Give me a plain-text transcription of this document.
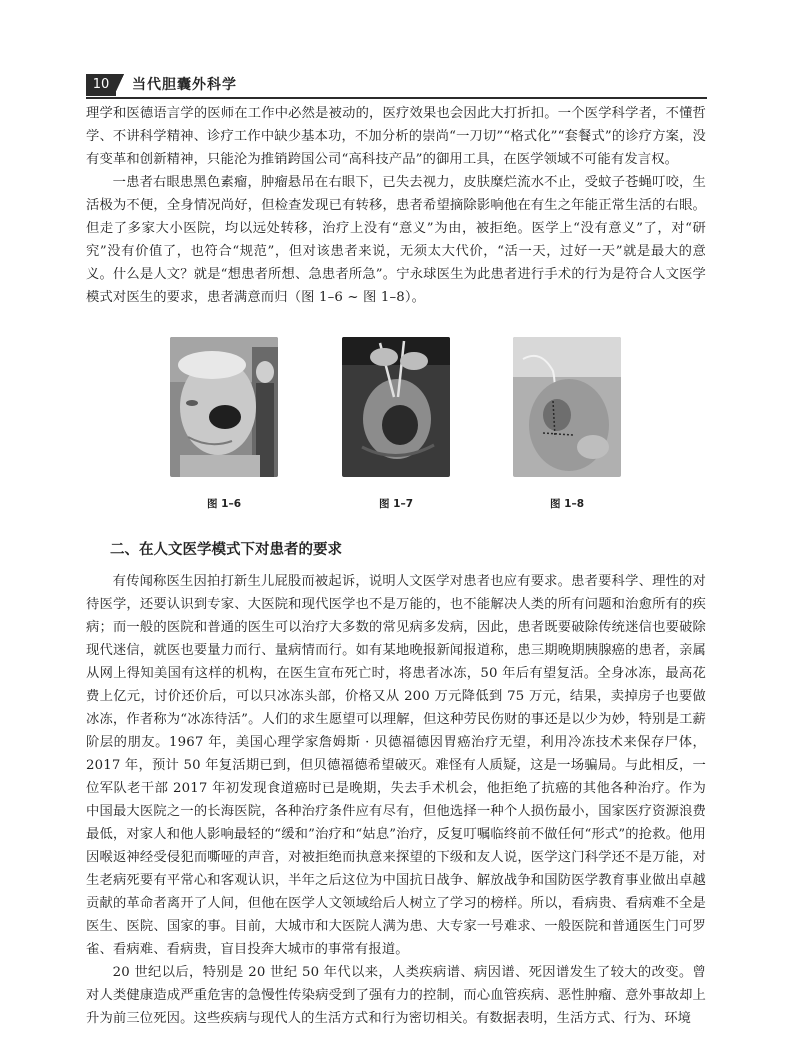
10	当代胆囊外科学

理学和医德语言学的医师在工作中必然是被动的，医疗效果也会因此大打折扣。一个医学科学者，不懂哲学、不讲科学精神、诊疗工作中缺少基本功，不加分析的崇尚“一刀切”“格式化”“套餐式”的诊疗方案，没有变革和创新精神，只能沦为推销跨国公司“高科技产品”的御用工具，在医学领域不可能有发言权。

一患者右眼患黑色素瘤，肿瘤悬吊在右眼下，已失去视力，皮肤糜烂流水不止，受蚊子苍蝇叮咬，生活极为不便，全身情况尚好，但检查发现已有转移，患者希望摘除影响他在有生之年能正常生活的右眼。但走了多家大小医院，均以远处转移，治疗上没有“意义”为由，被拒绝。医学上“没有意义”了，对“研究”没有价值了，也符合“规范”，但对该患者来说，无须太大代价，“活一天，过好一天”就是最大的意义。什么是人文？就是“想患者所想、急患者所急”。宁永球医生为此患者进行手术的行为是符合人文医学模式对医生的要求，患者满意而归（图 1–6 ~ 图 1–8）。

图 1–6	图 1–7	图 1–8
二、在人文医学模式下对患者的要求

有传闻称医生因拍打新生儿屁股而被起诉，说明人文医学对患者也应有要求。患者要科学、理性的对待医学，还要认识到专家、大医院和现代医学也不是万能的，也不能解决人类的所有问题和治愈所有的疾病；而一般的医院和普通的医生可以治疗大多数的常见病多发病，因此，患者既要破除传统迷信也要破除现代迷信，就医也要量力而行、量病情而行。如有某地晚报新闻报道称，患三期晚期胰腺癌的患者，亲属从网上得知美国有这样的机构，在医生宣布死亡时，将患者冰冻，50 年后有望复活。全身冰冻，最高花费上亿元，讨价还价后，可以只冰冻头部，价格又从 200 万元降低到 75 万元，结果，卖掉房子也要做冰冻，作者称为“冰冻待活”。人们的求生愿望可以理解，但这种劳民伤财的事还是以少为妙，特别是工薪阶层的朋友。1967 年，美国心理学家詹姆斯 · 贝德福德因胃癌治疗无望，利用冷冻技术来保存尸体，2017 年，预计 50 年复活期已到，但贝德福德希望破灭。难怪有人质疑，这是一场骗局。与此相反，一位军队老干部 2017 年初发现食道癌时已是晚期，失去手术机会，他拒绝了抗癌的其他各种治疗。作为中国最大医院之一的长海医院，各种治疗条件应有尽有，但他选择一种个人损伤最小，国家医疗资源浪费最低，对家人和他人影响最轻的“缓和”治疗和“姑息”治疗，反复叮嘱临终前不做任何“形式”的抢救。他用因喉返神经受侵犯而嘶哑的声音，对被拒绝而执意来探望的下级和友人说，医学这门科学还不是万能，对生老病死要有平常心和客观认识，半年之后这位为中国抗日战争、解放战争和国防医学教育事业做出卓越贡献的革命者离开了人间，但他在医学人文领域给后人树立了学习的榜样。所以，看病贵、看病难不全是医生、医院、国家的事。目前，大城市和大医院人满为患、大专家一号难求、一般医院和普通医生门可罗雀、看病难、看病贵，盲目投奔大城市的事常有报道。

20 世纪以后，特别是 20 世纪 50 年代以来，人类疾病谱、病因谱、死因谱发生了较大的改变。曾对人类健康造成严重危害的急慢性传染病受到了强有力的控制，而心血管疾病、恶性肿瘤、意外事故却上升为前三位死因。这些疾病与现代人的生活方式和行为密切相关。有数据表明，生活方式、行为、环境
